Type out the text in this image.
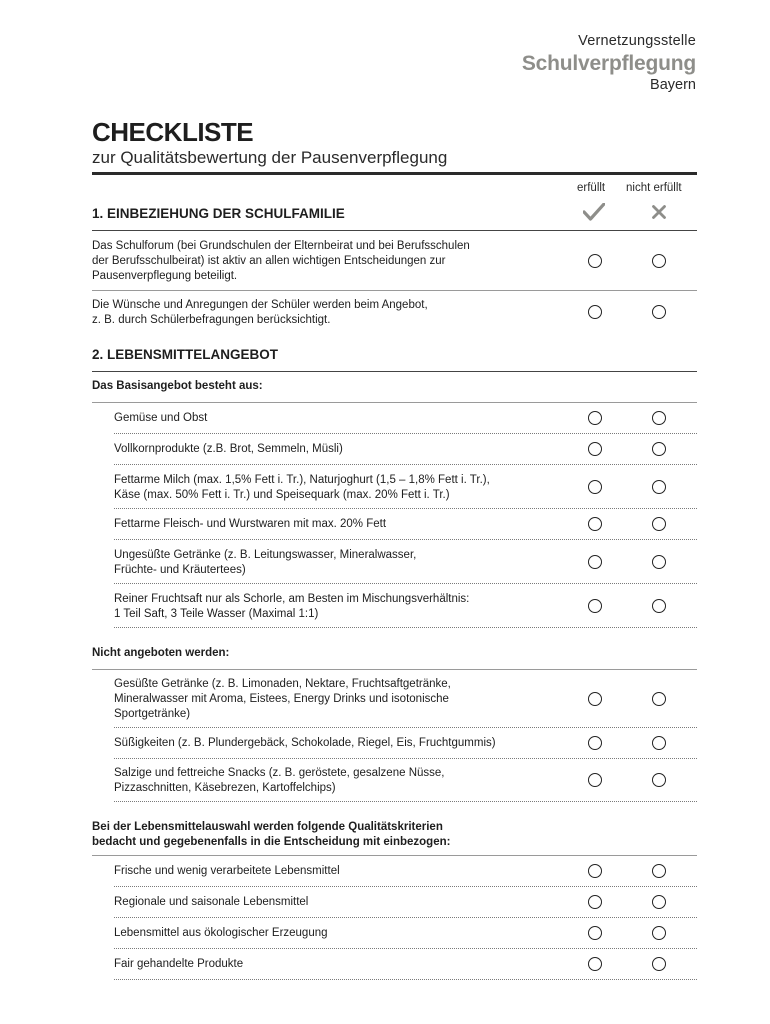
Vernetzungsstelle
Schulverpflegung
Bayern
CHECKLISTE
zur Qualitätsbewertung der Pausenverpflegung
erfüllt nicht erfüllt
1. EINBEZIEHUNG DER SCHULFAMILIE
Das Schulforum (bei Grundschulen der Elternbeirat und bei Berufsschulen
der Berufsschulbeirat) ist aktiv an allen wichtigen Entscheidungen zur
Pausenverpflegung beteiligt.
Die Wünsche und Anregungen der Schüler werden beim Angebot,
z. B. durch Schülerbefragungen berücksichtigt.
2. LEBENSMITTELANGEBOT
Das Basisangebot besteht aus:
Gemüse und Obst
Vollkornprodukte (z.B. Brot, Semmeln, Müsli)
Fettarme Milch (max. 1,5% Fett i. Tr.), Naturjoghurt (1,5 – 1,8% Fett i. Tr.),
Käse (max. 50% Fett i. Tr.) und Speisequark (max. 20% Fett i. Tr.)
Fettarme Fleisch- und Wurstwaren mit max. 20% Fett
Ungesüßte Getränke (z. B. Leitungswasser, Mineralwasser,
Früchte- und Kräutertees)
Reiner Fruchtsaft nur als Schorle, am Besten im Mischungsverhältnis:
1 Teil Saft, 3 Teile Wasser (Maximal 1:1)
Nicht angeboten werden:
Gesüßte Getränke (z. B. Limonaden, Nektare, Fruchtsaftgetränke,
Mineralwasser mit Aroma, Eistees, Energy Drinks und isotonische
Sportgetränke)
Süßigkeiten (z. B. Plundergebäck, Schokolade, Riegel, Eis, Fruchtgummis)
Salzige und fettreiche Snacks (z. B. geröstete, gesalzene Nüsse,
Pizzaschnitten, Käsebrezen, Kartoffelchips)
Bei der Lebensmittelauswahl werden folgende Qualitätskriterien
bedacht und gegebenenfalls in die Entscheidung mit einbezogen:
Frische und wenig verarbeitete Lebensmittel
Regionale und saisonale Lebensmittel
Lebensmittel aus ökologischer Erzeugung
Fair gehandelte Produkte
